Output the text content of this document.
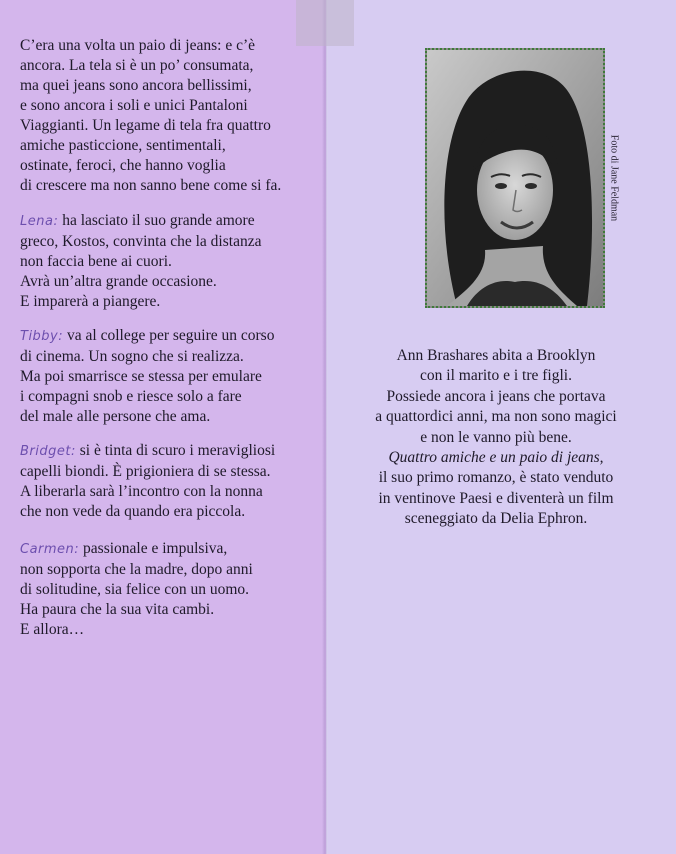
C’era una volta un paio di jeans: e c’è
ancora. La tela si è un po’ consumata,
ma quei jeans sono ancora bellissimi,
e sono ancora i soli e unici Pantaloni
Viaggianti. Un legame di tela fra quattro
amiche pasticcione, sentimentali,
ostinate, feroci, che hanno voglia
di crescere ma non sanno bene come si fa.
Lena: ha lasciato il suo grande amore
greco, Kostos, convinta che la distanza
non faccia bene ai cuori.
Avrà un’altra grande occasione.
E imparerà a piangere.
Tibby: va al college per seguire un corso
di cinema. Un sogno che si realizza.
Ma poi smarrisce se stessa per emulare
i compagni snob e riesce solo a fare
del male alle persone che ama.
Bridget: si è tinta di scuro i meravigliosi
capelli biondi. È prigioniera di se stessa.
A liberarla sarà l’incontro con la nonna
che non vede da quando era piccola.
Carmen: passionale e impulsiva,
non sopporta che la madre, dopo anni
di solitudine, sia felice con un uomo.
Ha paura che la sua vita cambi.
E allora…
Foto di Jane Feldman
Ann Brashares abita a Brooklyn
con il marito e i tre figli.
Possiede ancora i jeans che portava
a quattordici anni, ma non sono magici
e non le vanno più bene.
Quattro amiche e un paio di jeans,
il suo primo romanzo, è stato venduto
in ventinove Paesi e diventerà un film
sceneggiato da Delia Ephron.
